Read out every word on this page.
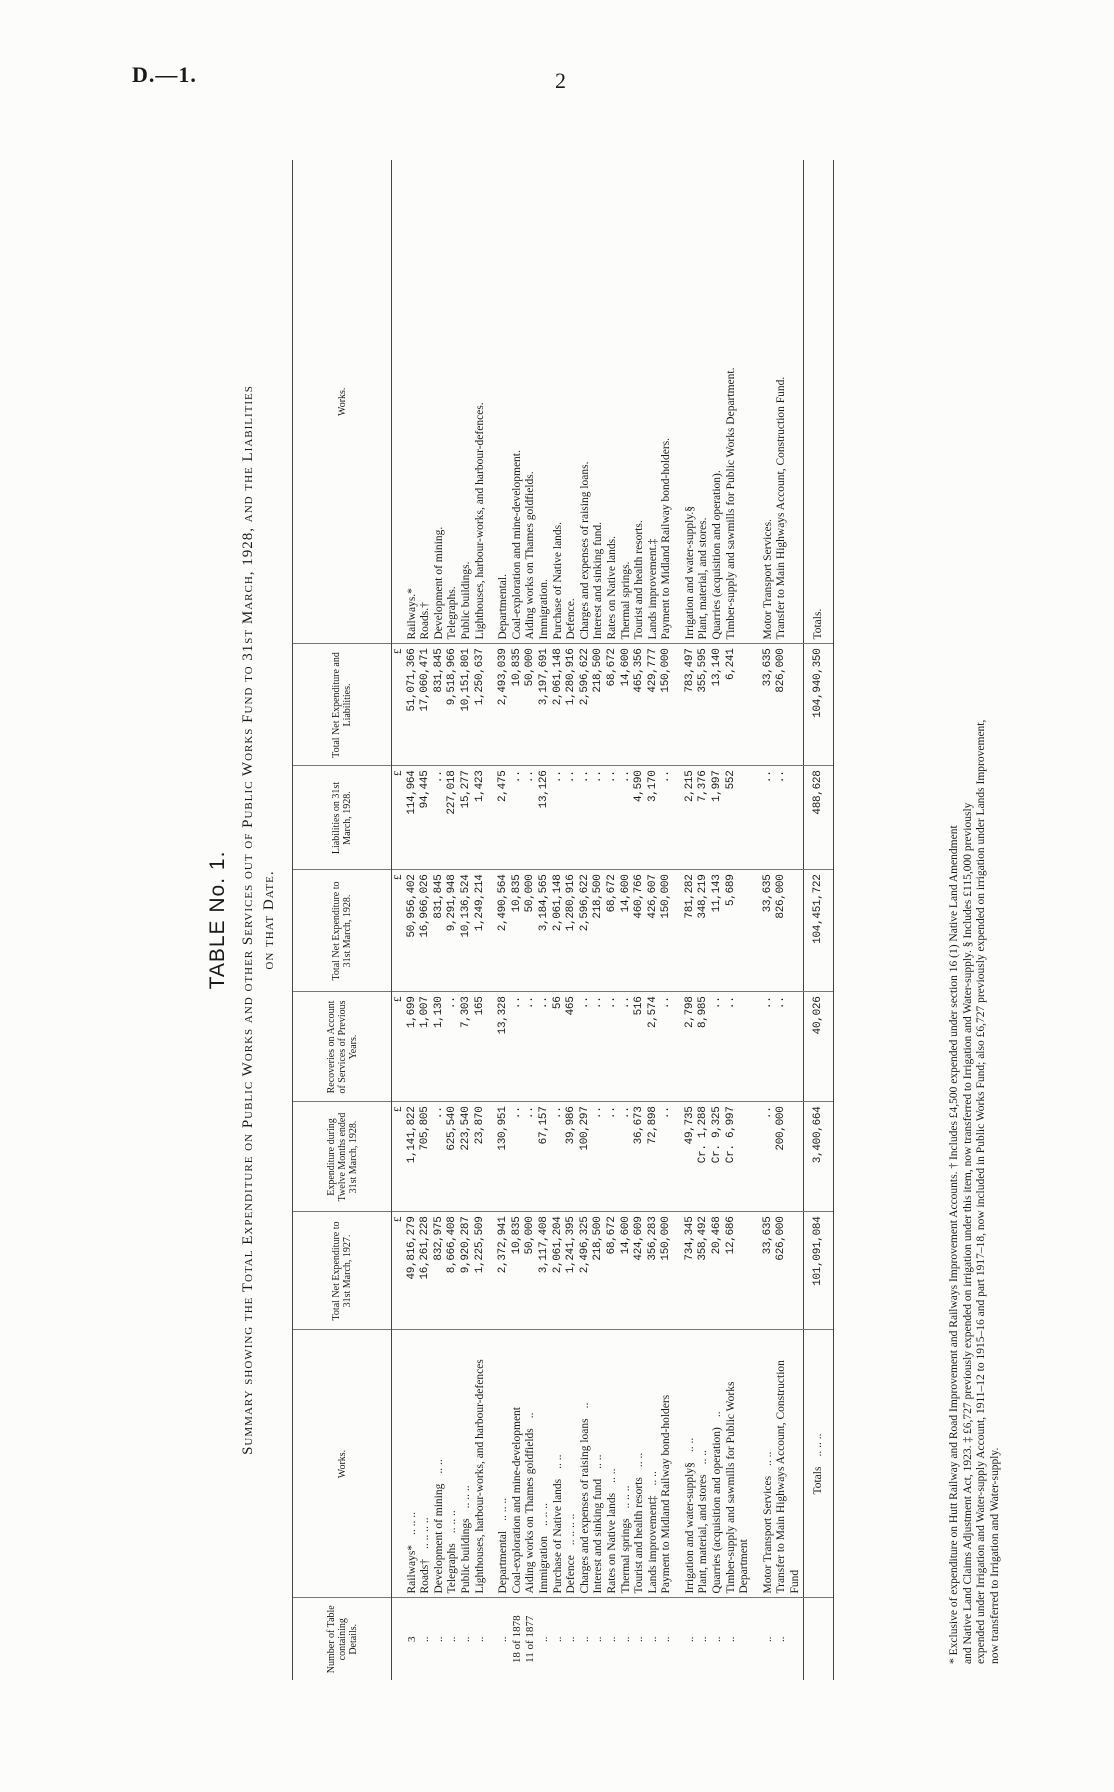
D.—1.	2
TABLE No. 1. Summary showing the Total Expenditure on Public Works and other Services out of Public Works Fund to 31st March, 1928, and the Liabilities on that Date.
Number of Table containing Details.	Works.	Total Net Expenditure to 31st March, 1927.	Expenditure during Twelve Months ended 31st March, 1928.	Recoveries on Account of Services of Previous Years.	Total Net Expenditure to 31st March, 1928.	Liabilities on 31st March, 1928.	Total Net Expenditure and Liabilities.	Works.
		£	£	£	£	£	£	
3	Railways*.. .. ..	49,816,279	1,141,822	1,699	50,956,402	114,964	51,071,366	Railways.*
..	Roads†.. .. .. ..	16,261,228	705,805	1,007	16,966,026	94,445	17,060,471	Roads.†
..	Development of mining.. ..	832,975	..	1,130	831,845	..	831,845	Development of mining.
..	Telegraphs.. .. ..	8,666,408	625,540	..	9,291,948	227,018	9,518,966	Telegraphs.
..	Public buildings.. .. ..	9,920,287	223,540	7,303	10,136,524	15,277	10,151,801	Public buildings.
..	Lighthouses, harbour-works, and harbour-defences	1,225,509	23,870	165	1,249,214	1,423	1,250,637	Lighthouses, harbour-works, and harbour-defences.

..	Departmental.. .. ..	2,372,941	130,951	13,328	2,490,564	2,475	2,493,039	Departmental.
18 of 1878	Coal-exploration and mine-development	10,835	..	..	10,835	..	10,835	Coal-exploration and mine-development.
11 of 1877	Aiding works on Thames goldfields..	50,000	..	..	50,000	..	50,000	Aiding works on Thames goldfields.
..	Immigration.. .. ..	3,117,408	67,157	..	3,184,565	13,126	3,197,691	Immigration.
..	Purchase of Native lands.. ..	2,061,204	..	56	2,061,148	..	2,061,148	Purchase of Native lands.
..	Defence.. .. .. ..	1,241,395	39,986	465	1,280,916	..	1,280,916	Defence.
..	Charges and expenses of raising loans..	2,496,325	100,297	..	2,596,622	..	2,596,622	Charges and expenses of raising loans.
..	Interest and sinking fund.. ..	218,500	..	..	218,500	..	218,500	Interest and sinking fund.
..	Rates on Native lands.. ..	68,672	..	..	68,672	..	68,672	Rates on Native lands.
..	Thermal springs.. .. ..	14,600	..	..	14,600	..	14,600	Thermal springs.
..	Tourist and health resorts.. ..	424,609	36,673	516	460,766	4,590	465,356	Tourist and health resorts.
..	Lands improvement‡.. ..	356,283	72,898	2,574	426,607	3,170	429,777	Lands improvement.‡
..	Payment to Midland Railway bond-holders	150,000	..	..	150,000	..	150,000	Payment to Midland Railway bond-holders.

..	Irrigation and water-supply§.. ..	734,345	49,735	2,798	781,282	2,215	783,497	Irrigation and water-supply.§
..	Plant, material, and stores.. ..	358,492	Cr. 1,288	8,985	348,219	7,376	355,595	Plant, material, and stores.
..	Quarries (acquisition and operation)..	20,468	Cr. 9,325	..	11,143	1,997	13,140	Quarries (acquisition and operation).
..	Timber-supply and sawmills for Public Works Department	12,686	Cr. 6,997	..	5,689	552	6,241	Timber-supply and sawmills for Public Works Department.

..	Motor Transport Services.. ..	33,635	..	..	33,635	..	33,635	Motor Transport Services.
..	Transfer to Main Highways Account, Construction Fund	626,000	200,000	..	826,000	..	826,000	Transfer to Main Highways Account, Construction Fund.
	Totals.. .. ..	101,091,084	3,400,664	40,026	104,451,722	488,628	104,940,350	Totals.

* Exclusive of expenditure on Hutt Railway and Road Improvement and Railways Improvement Accounts. † Includes £4,500 expended under section 16 (1) Native Land Amendment and Native Land Claims Adjustment Act, 1923. ‡ £6,727 previously expended on irrigation under this item, now transferred to Irrigation and Water-supply. § Includes £115,000 previously expended under Irrigation and Water-supply Account, 1911–12 to 1915–16 and part 1917–18, now included in Public Works Fund; also £6,727 previously expended on irrigation under Lands Improvement, now transferred to Irrigation and Water-supply.
